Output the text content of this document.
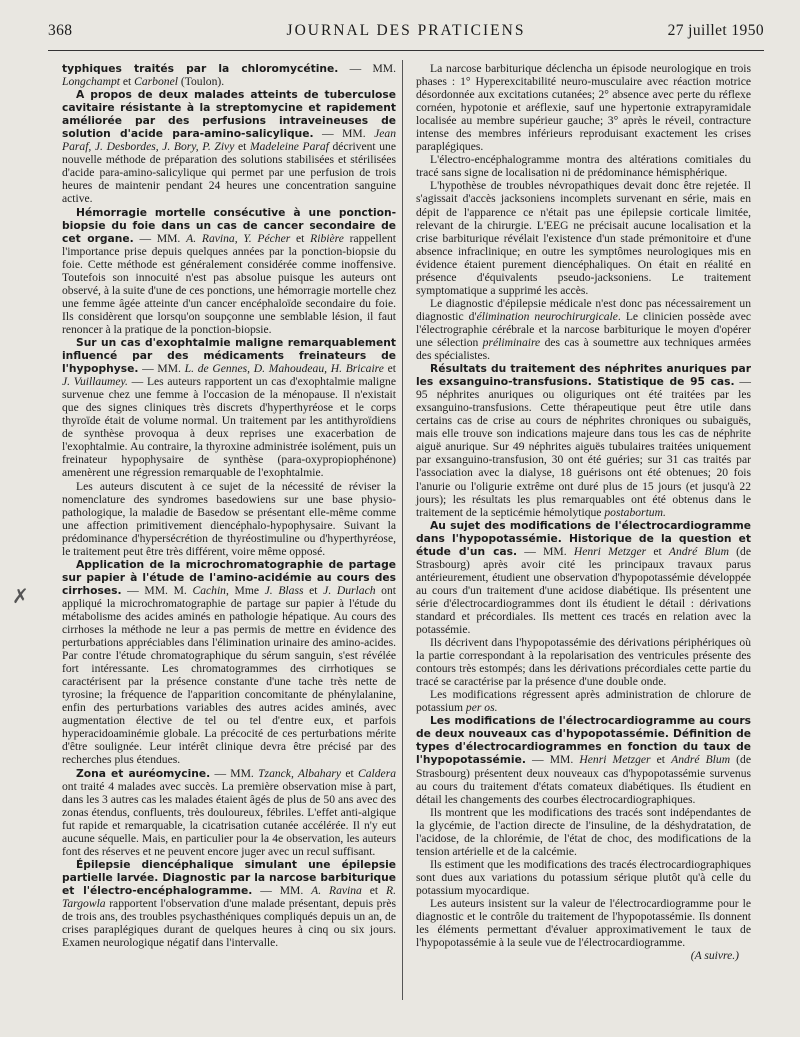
368	JOURNAL DES PRATICIENS	27 juillet 1950
✗

typhiques traités par la chloromycétine. — MM. Longchampt et Carbonel (Toulon).

A propos de deux malades atteints de tuberculose cavitaire résistante à la streptomycine et rapidement améliorée par des perfusions intraveineuses de solution d'acide para-amino-salicylique. — MM. Jean Paraf, J. Desbordes, J. Bory, P. Zivy et Madeleine Paraf décrivent une nouvelle méthode de préparation des solutions stabilisées et stérilisées d'acide para-amino-salicylique qui permet par une perfusion de trois heures de maintenir pendant 24 heures une concentration sanguine active.

Hémorragie mortelle consécutive à une ponction-biopsie du foie dans un cas de cancer secondaire de cet organe. — MM. A. Ravina, Y. Pécher et Ribière rappellent l'importance prise depuis quelques années par la ponction-biopsie du foie. Cette méthode est généralement considérée comme inoffensive. Toutefois son innocuité n'est pas absolue puisque les auteurs ont observé, à la suite d'une de ces ponctions, une hémorragie mortelle chez une femme âgée atteinte d'un cancer encéphaloïde secondaire du foie. Ils considèrent que lorsqu'on soupçonne une semblable lésion, il faut renoncer à la pratique de la ponction-biopsie.

Sur un cas d'exophtalmie maligne remarquablement influencé par des médicaments freinateurs de l'hypophyse. — MM. L. de Gennes, D. Mahoudeau, H. Bricaire et J. Vuillaumey. — Les auteurs rapportent un cas d'exophtalmie maligne survenue chez une femme à l'occasion de la ménopause. Il n'existait que des signes cliniques très discrets d'hyperthyréose et le corps thyroïde était de volume normal. Un traitement par les antithyroïdiens de synthèse provoqua à deux reprises une exacerbation de l'exophtalmie. Au contraire, la thyroxine administrée isolément, puis un freinateur hypophysaire de synthèse (para-oxypropiophénone) amenèrent une régression remarquable de l'exophtalmie.

Les auteurs discutent à ce sujet de la nécessité de réviser la nomenclature des syndromes basedowiens sur une base physio-pathologique, la maladie de Basedow se présentant elle-même comme une affection primitivement diencéphalo-hypophysaire. Suivant la prédominance d'hypersécrétion de thyréostimuline ou d'hyperthyréose, le traitement peut être très différent, voire même opposé.

Application de la microchromatographie de partage sur papier à l'étude de l'amino-acidémie au cours des cirrhoses. — MM. M. Cachin, Mme J. Blass et J. Durlach ont appliqué la microchromatographie de partage sur papier à l'étude du métabolisme des acides aminés en pathologie hépatique. Au cours des cirrhoses la méthode ne leur a pas permis de mettre en évidence des perturbations appréciables dans l'élimination urinaire des amino-acides. Par contre l'étude chromatographique du sérum sanguin, s'est révélée fort intéressante. Les chromatogrammes des cirrhotiques se caractérisent par la présence constante d'une tache très nette de tyrosine; la fréquence de l'apparition concomitante de phénylalanine, enfin des perturbations variables des autres acides aminés, avec augmentation élective de tel ou tel d'entre eux, et parfois hyperacidoaminémie globale. La précocité de ces perturbations mérite d'être soulignée. Leur intérêt clinique devra être précisé par des recherches plus étendues.

Zona et auréomycine. — MM. Tzanck, Albahary et Caldera ont traité 4 malades avec succès. La première observation mise à part, dans les 3 autres cas les malades étaient âgés de plus de 50 ans avec des zonas étendus, confluents, très douloureux, fébriles. L'effet anti-algique fut rapide et remarquable, la cicatrisation cutanée accélérée. Il n'y eut aucune séquelle. Mais, en particulier pour la 4e observation, les auteurs font des réserves et ne peuvent encore juger avec un recul suffisant.

Épilepsie diencéphalique simulant une épilepsie partielle larvée. Diagnostic par la narcose barbiturique et l'électro-encéphalogramme. — MM. A. Ravina et R. Targowla rapportent l'observation d'une malade présentant, depuis près de trois ans, des troubles psychasthéniques compliqués depuis un an, de crises paraplégiques durant de quelques heures à cinq ou six jours. Examen neurologique négatif dans l'intervalle.

La narcose barbiturique déclencha un épisode neurologique en trois phases : 1° Hyperexcitabilité neuro-musculaire avec réaction motrice désordonnée aux excitations cutanées; 2° absence avec perte du réflexe cornéen, hypotonie et aréflexie, sauf une hypertonie extrapyramidale localisée au membre supérieur gauche; 3° après le réveil, contracture intense des membres inférieurs reproduisant exactement les crises paraplégiques.

L'électro-encéphalogramme montra des altérations comitiales du tracé sans signe de localisation ni de prédominance hémisphérique.

L'hypothèse de troubles névropathiques devait donc être rejetée. Il s'agissait d'accès jacksoniens incomplets survenant en série, mais en dépit de l'apparence ce n'était pas une épilepsie corticale limitée, relevant de la chirurgie. L'EEG ne précisait aucune localisation et la crise barbiturique révélait l'existence d'un stade prémonitoire et d'une absence infraclinique; en outre les symptômes neurologiques mis en évidence étaient purement diencéphaliques. On était en réalité en présence d'équivalents pseudo-jacksoniens. Le traitement symptomatique a supprimé les accès.

Le diagnostic d'épilepsie médicale n'est donc pas nécessairement un diagnostic d'élimination neurochirurgicale. Le clinicien possède avec l'électrographie cérébrale et la narcose barbiturique le moyen d'opérer une sélection préliminaire des cas à soumettre aux techniques armées des spécialistes.

Résultats du traitement des néphrites anuriques par les exsanguino-transfusions. Statistique de 95 cas. — 95 néphrites anuriques ou oliguriques ont été traitées par les exsanguino-transfusions. Cette thérapeutique peut être utile dans certains cas de crise au cours de néphrites chroniques ou subaiguës, mais elle trouve son indications majeure dans tous les cas de néphrite aiguë anurique. Sur 49 néphrites aiguës tubulaires traitées uniquement par exsanguino-transfusion, 30 ont été guéries; sur 31 cas traités par l'association avec la dialyse, 18 guérisons ont été obtenues; 20 fois l'anurie ou l'oligurie extrême ont duré plus de 15 jours (et jusqu'à 22 jours); les résultats les plus remarquables ont été obtenus dans le traitement de la septicémie hémolytique postabortum.

Au sujet des modifications de l'électrocardiogramme dans l'hypopotassémie. Historique de la question et étude d'un cas. — MM. Henri Metzger et André Blum (de Strasbourg) après avoir cité les principaux travaux parus antérieurement, étudient une observation d'hypopotassémie développée au cours d'un traitement d'une acidose diabétique. Ils présentent une série d'électrocardiogrammes dont ils étudient le détail : dérivations standard et précordiales. Ils mettent ces tracés en relation avec la potassémie.

Ils décrivent dans l'hypopotassémie des dérivations périphériques où la partie correspondant à la repolarisation des ventricules présente des contours très estompés; dans les dérivations précordiales cette partie du tracé se caractérise par la présence d'une double onde.

Les modifications régressent après administration de chlorure de potassium per os.

Les modifications de l'électrocardiogramme au cours de deux nouveaux cas d'hypopotassémie. Définition de types d'électrocardiogrammes en fonction du taux de l'hypopotassémie. — MM. Henri Metzger et André Blum (de Strasbourg) présentent deux nouveaux cas d'hypopotassémie survenus au cours du traitement d'états comateux diabétiques. Ils étudient en détail les changements des courbes électrocardiographiques.

Ils montrent que les modifications des tracés sont indépendantes de la glycémie, de l'action directe de l'insuline, de la déshydratation, de l'acidose, de la chlorémie, de l'état de choc, des modifications de la tension artérielle et de la calcémie.

Ils estiment que les modifications des tracés électrocardiographiques sont dues aux variations du potassium sérique plutôt qu'à celle du potassium myocardique.

Les auteurs insistent sur la valeur de l'électrocardiogramme pour le diagnostic et le contrôle du traitement de l'hypopotassémie. Ils donnent les éléments permettant d'évaluer approximativement le taux de l'hypopotassémie à la seule vue de l'électrocardiogramme.

(A suivre.)
